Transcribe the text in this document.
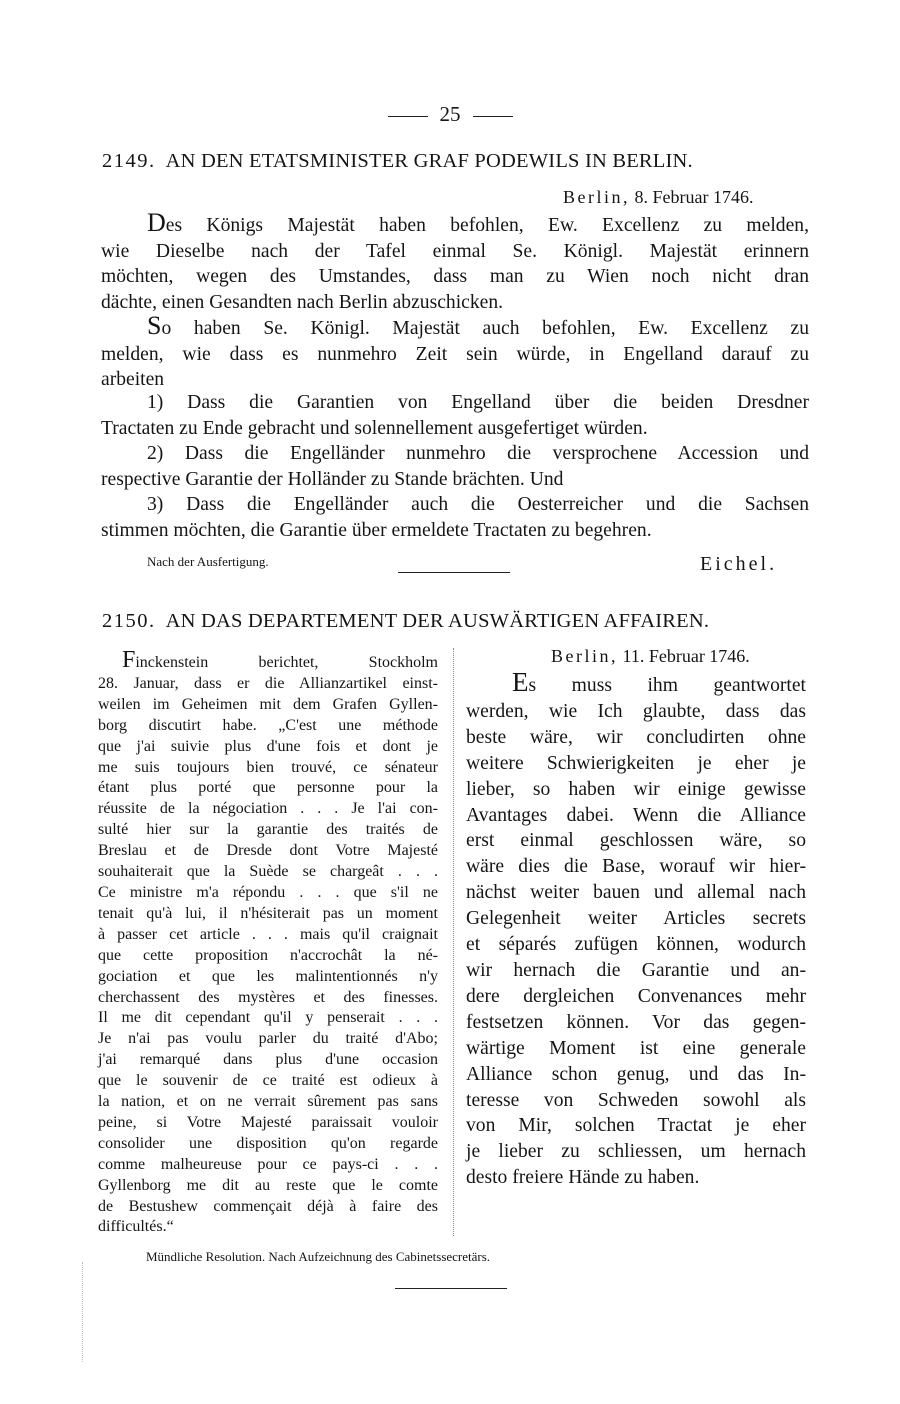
25
2149. AN DEN ETATSMINISTER GRAF PODEWILS IN BERLIN.
Berlin, 8. Februar 1746.
Des Königs Majestät haben befohlen, Ew. Excellenz zu melden,
wie Dieselbe nach der Tafel einmal Se. Königl. Majestät erinnern
möchten, wegen des Umstandes, dass man zu Wien noch nicht dran
dächte, einen Gesandten nach Berlin abzuschicken.
So haben Se. Königl. Majestät auch befohlen, Ew. Excellenz zu
melden, wie dass es nunmehro Zeit sein würde, in Engelland darauf zu
arbeiten
1) Dass die Garantien von Engelland über die beiden Dresdner
Tractaten zu Ende gebracht und solennellement ausgefertiget würden.
2) Dass die Engelländer nunmehro die versprochene Accession und
respective Garantie der Holländer zu Stande brächten. Und
3) Dass die Engelländer auch die Oesterreicher und die Sachsen
stimmen möchten, die Garantie über ermeldete Tractaten zu begehren.
Nach der Ausfertigung.	Eichel.
2150. AN DAS DEPARTEMENT DER AUSWÄRTIGEN AFFAIREN.
Berlin, 11. Februar 1746.
Finckenstein berichtet, Stockholm
28. Januar, dass er die Allianzartikel einst-
weilen im Geheimen mit dem Grafen Gyllen-
borg discutirt habe. „C'est une méthode
que j'ai suivie plus d'une fois et dont je
me suis toujours bien trouvé, ce sénateur
étant plus porté que personne pour la
réussite de la négociation . . . Je l'ai con-
sulté hier sur la garantie des traités de
Breslau et de Dresde dont Votre Majesté
souhaiterait que la Suède se chargeât . . .
Ce ministre m'a répondu . . . que s'il ne
tenait qu'à lui, il n'hésiterait pas un moment
à passer cet article . . . mais qu'il craignait
que cette proposition n'accrochât la né-
gociation et que les malintentionnés n'y
cherchassent des mystères et des finesses.
Il me dit cependant qu'il y penserait . . .
Je n'ai pas voulu parler du traité d'Abo;
j'ai remarqué dans plus d'une occasion
que le souvenir de ce traité est odieux à
la nation, et on ne verrait sûrement pas sans
peine, si Votre Majesté paraissait vouloir
consolider une disposition qu'on regarde
comme malheureuse pour ce pays-ci . . .
Gyllenborg me dit au reste que le comte
de Bestushew commençait déjà à faire des
difficultés.“
Es muss ihm geantwortet
werden, wie Ich glaubte, dass das
beste wäre, wir concludirten ohne
weitere Schwierigkeiten je eher je
lieber, so haben wir einige gewisse
Avantages dabei. Wenn die Alliance
erst einmal geschlossen wäre, so
wäre dies die Base, worauf wir hier-
nächst weiter bauen und allemal nach
Gelegenheit weiter Articles secrets
et séparés zufügen können, wodurch
wir hernach die Garantie und an-
dere dergleichen Convenances mehr
festsetzen können. Vor das gegen-
wärtige Moment ist eine generale
Alliance schon genug, und das In-
teresse von Schweden sowohl als
von Mir, solchen Tractat je eher
je lieber zu schliessen, um hernach
desto freiere Hände zu haben.
Mündliche Resolution. Nach Aufzeichnung des Cabinetssecretärs.
